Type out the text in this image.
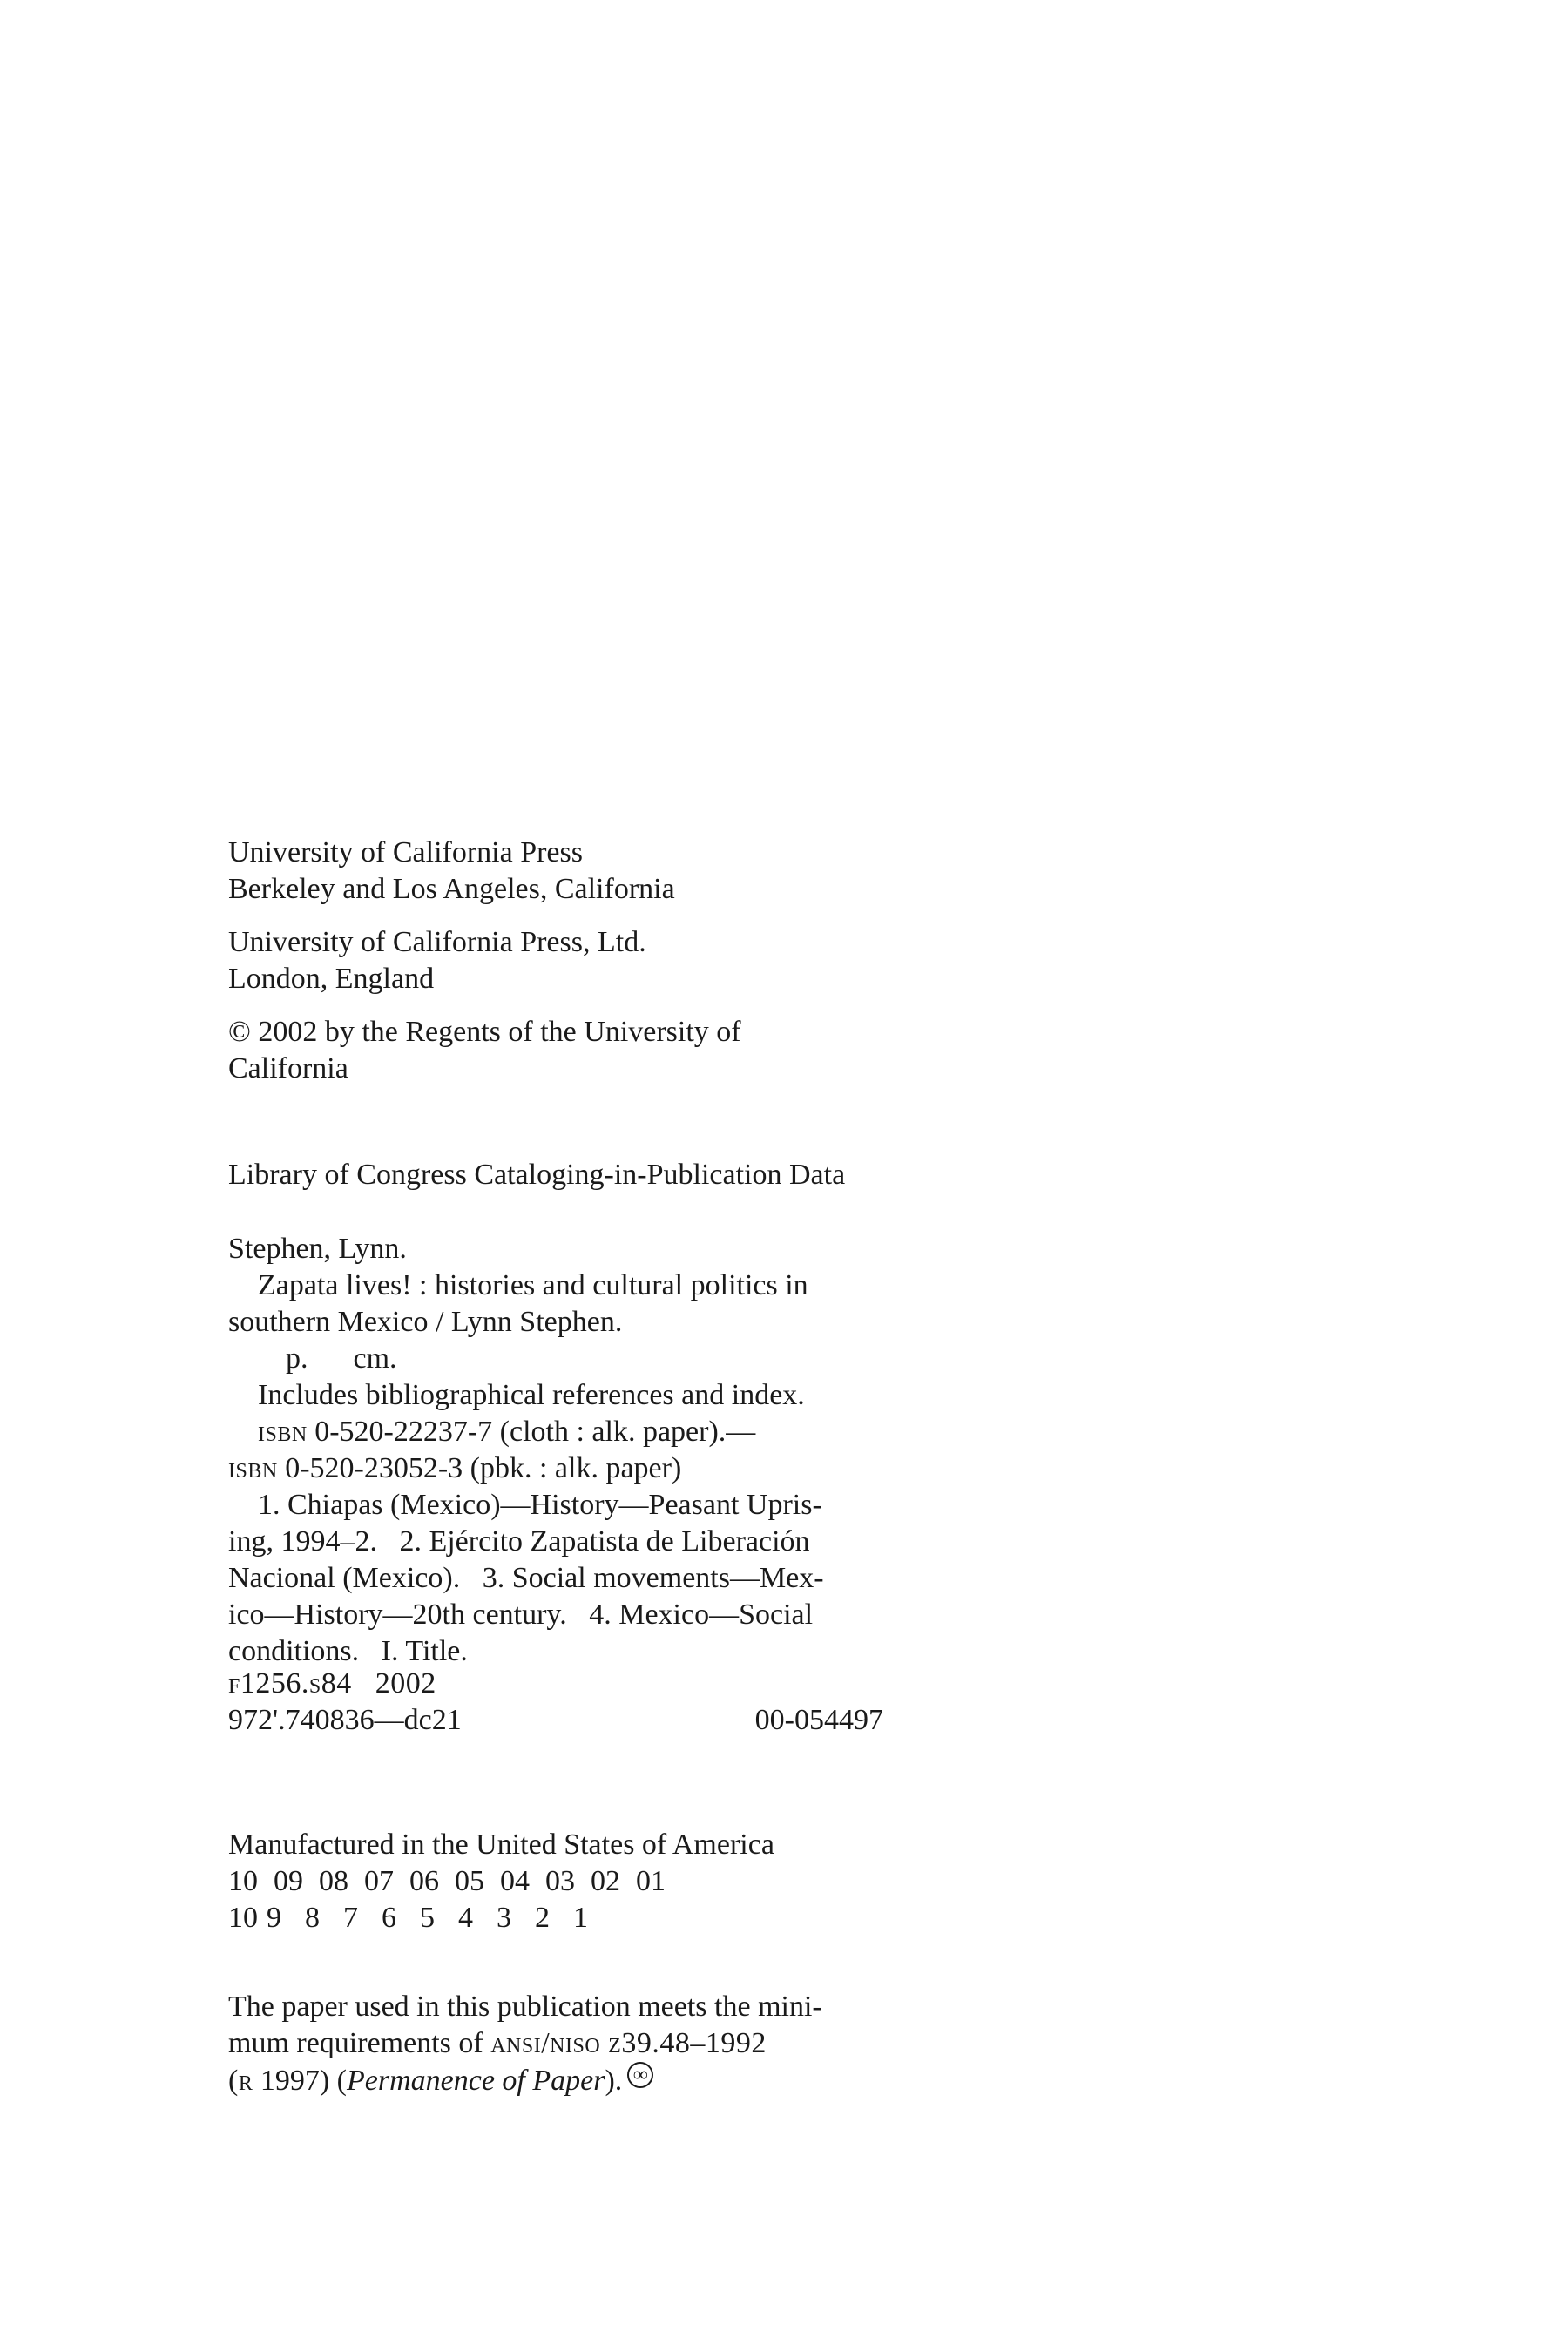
University of California Press
Berkeley and Los Angeles, California
University of California Press, Ltd.
London, England
© 2002 by the Regents of the University of
California
Library of Congress Cataloging-in-Publication Data
Stephen, Lynn.
Zapata lives! : histories and cultural politics in
southern Mexico / Lynn Stephen.
p. cm.
Includes bibliographical references and index.
isbn 0-520-22237-7 (cloth : alk. paper).—
isbn 0-520-23052-3 (pbk. : alk. paper)
1. Chiapas (Mexico)—History—Peasant Upris-
ing, 1994–2.   2. Ejército Zapatista de Liberación
Nacional (Mexico).   3. Social movements—Mex-
ico—History—20th century.   4. Mexico—Social
conditions.   I. Title.
f1256.s84   2002
972'.740836—dc21	00-054497
Manufactured in the United States of America
10 09 08 07 06 05 04 03 02 01
10 9 8 7 6 5 4 3 2 1
The paper used in this publication meets the mini-
mum requirements of ansi/niso z39.48–1992
(r 1997) (Permanence of Paper).∞
